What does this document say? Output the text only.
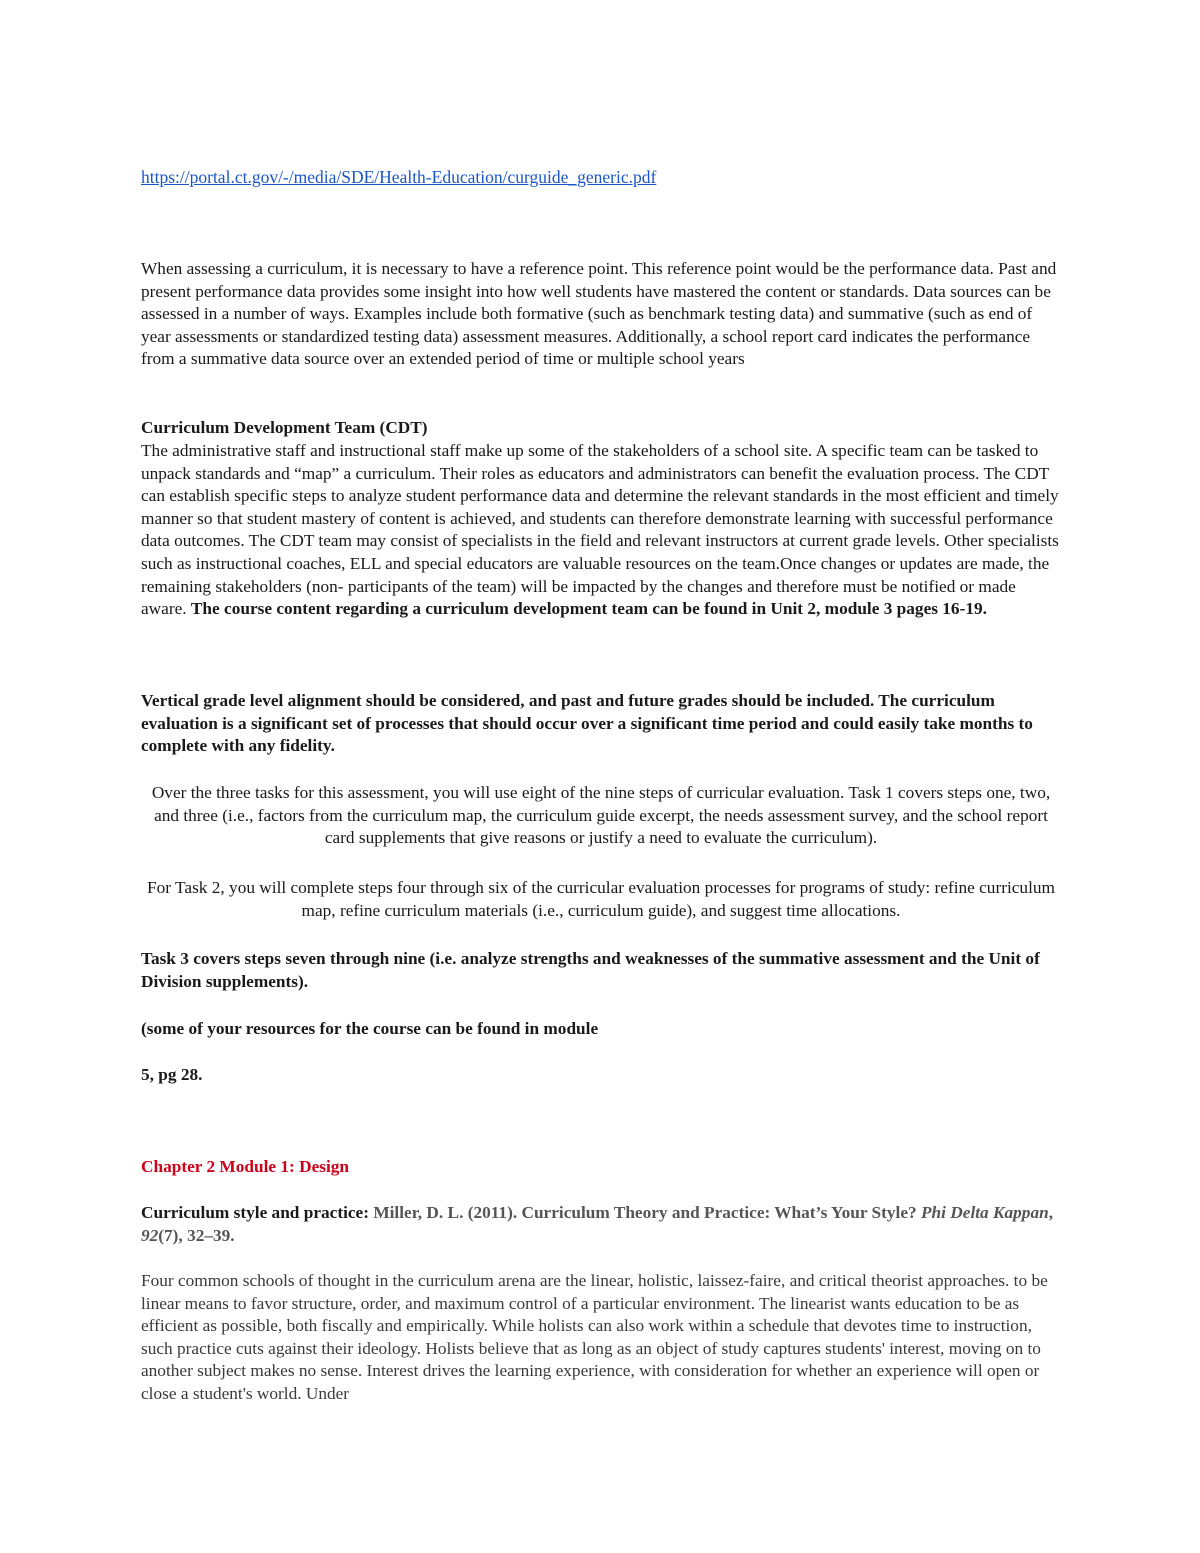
https://portal.ct.gov/-/media/SDE/Health-Education/curguide_generic.pdf

When assessing a curriculum, it is necessary to have a reference point. This reference point would be the performance data. Past and present performance data provides some insight into how well students have mastered the content or standards. Data sources can be assessed in a number of ways. Examples include both formative (such as benchmark testing data) and summative (such as end of year assessments or standardized testing data) assessment measures. Additionally, a school report card indicates the performance from a summative data source over an extended period of time or multiple school years

Curriculum Development Team (CDT)

The administrative staff and instructional staff make up some of the stakeholders of a school site. A specific team can be tasked to unpack standards and “map” a curriculum. Their roles as educators and administrators can benefit the evaluation process. The CDT can establish specific steps to analyze student performance data and determine the relevant standards in the most efficient and timely manner so that student mastery of content is achieved, and students can therefore demonstrate learning with successful performance data outcomes. The CDT team may consist of specialists in the field and relevant instructors at current grade levels. Other specialists such as instructional coaches, ELL and special educators are valuable resources on the team.Once changes or updates are made, the remaining stakeholders (non- participants of the team) will be impacted by the changes and therefore must be notified or made aware. The course content regarding a curriculum development team can be found in Unit 2, module 3 pages 16-19.

Vertical grade level alignment should be considered, and past and future grades should be included. The curriculum evaluation is a significant set of processes that should occur over a significant time period and could easily take months to complete with any fidelity.

Over the three tasks for this assessment, you will use eight of the nine steps of curricular evaluation. Task 1 covers steps one, two, and three (i.e., factors from the curriculum map, the curriculum guide excerpt, the needs assessment survey, and the school report card supplements that give reasons or justify a need to evaluate the curriculum).

For Task 2, you will complete steps four through six of the curricular evaluation processes for programs of study: refine curriculum map, refine curriculum materials (i.e., curriculum guide), and suggest time allocations.

Task 3 covers steps seven through nine (i.e. analyze strengths and weaknesses of the summative assessment and the Unit of Division supplements).

(some of your resources for the course can be found in module

5, pg 28.

Chapter 2 Module 1: Design

Curriculum style and practice: Miller, D. L. (2011). Curriculum Theory and Practice: What’s Your Style? Phi Delta Kappan, 92(7), 32–39.

Four common schools of thought in the curriculum arena are the linear, holistic, laissez-faire, and critical theorist approaches. to be linear means to favor structure, order, and maximum control of a particular environment. The linearist wants education to be as efficient as possible, both fiscally and empirically. While holists can also work within a schedule that devotes time to instruction, such practice cuts against their ideology. Holists believe that as long as an object of study captures students' interest, moving on to another subject makes no sense. Interest drives the learning experience, with consideration for whether an experience will open or close a student's world. Under
